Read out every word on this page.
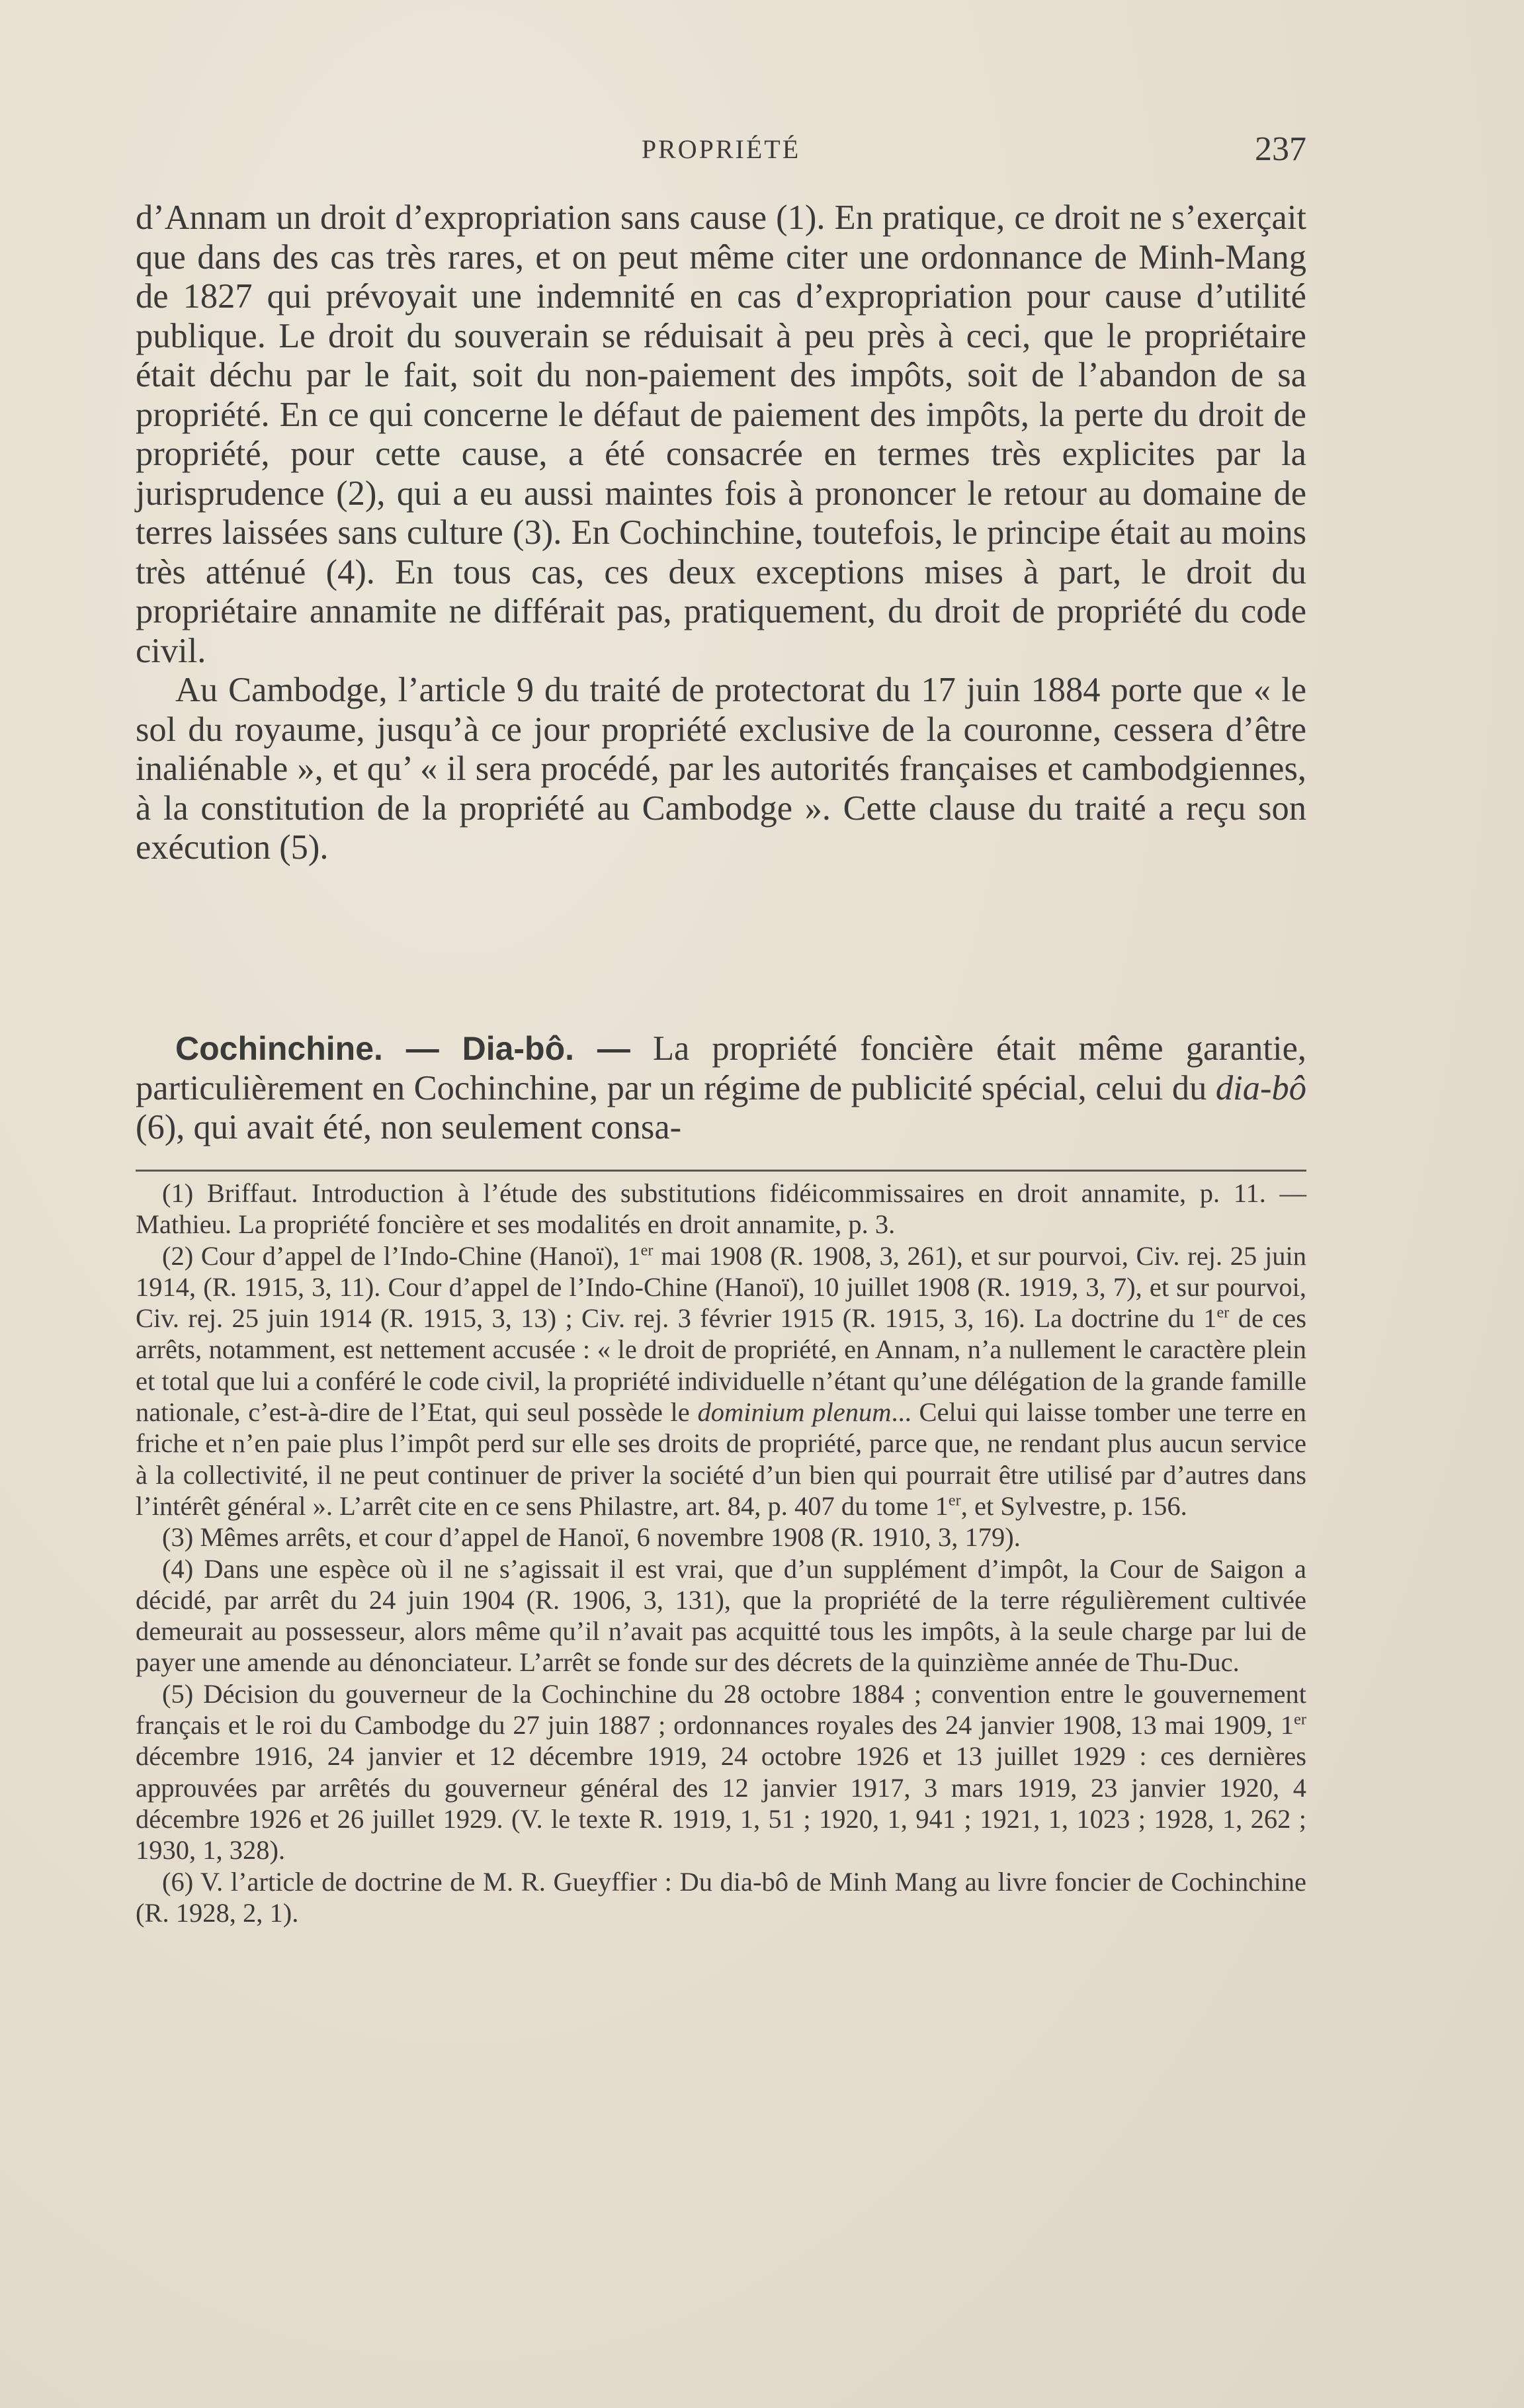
PROPRIÉTÉ	237

d’Annam un droit d’expropriation sans cause (1). En pratique, ce droit ne s’exerçait que dans des cas très rares, et on peut même citer une ordonnance de Minh-Mang de 1827 qui prévoyait une indemnité en cas d’expropriation pour cause d’utilité publique. Le droit du souverain se réduisait à peu près à ceci, que le propriétaire était déchu par le fait, soit du non-paiement des impôts, soit de l’abandon de sa propriété. En ce qui concerne le défaut de paiement des impôts, la perte du droit de propriété, pour cette cause, a été consacrée en termes très explicites par la jurisprudence (2), qui a eu aussi maintes fois à prononcer le retour au domaine de terres laissées sans culture (3). En Cochinchine, toutefois, le principe était au moins très atténué (4). En tous cas, ces deux exceptions mises à part, le droit du propriétaire annamite ne différait pas, pratiquement, du droit de propriété du code civil.

Au Cambodge, l’article 9 du traité de protectorat du 17 juin 1884 porte que « le sol du royaume, jusqu’à ce jour propriété exclusive de la couronne, cessera d’être inaliénable », et qu’ « il sera procédé, par les autorités françaises et cambodgiennes, à la constitution de la propriété au Cambodge ». Cette clause du traité a reçu son exécution (5).

Cochinchine. — Dia-bô. — La propriété foncière était même garantie, particulièrement en Cochinchine, par un régime de publicité spécial, celui du dia-bô (6), qui avait été, non seulement consa-

(1) Briffaut. Introduction à l’étude des substitutions fidéicommissaires en droit annamite, p. 11. — Mathieu. La propriété foncière et ses modalités en droit annamite, p. 3.

(2) Cour d’appel de l’Indo-Chine (Hanoï), 1er mai 1908 (R. 1908, 3, 261), et sur pourvoi, Civ. rej. 25 juin 1914, (R. 1915, 3, 11). Cour d’appel de l’Indo-Chine (Hanoï), 10 juillet 1908 (R. 1919, 3, 7), et sur pourvoi, Civ. rej. 25 juin 1914 (R. 1915, 3, 13) ; Civ. rej. 3 février 1915 (R. 1915, 3, 16). La doctrine du 1er de ces arrêts, notamment, est nettement accusée : « le droit de propriété, en Annam, n’a nullement le caractère plein et total que lui a conféré le code civil, la propriété individuelle n’étant qu’une délégation de la grande famille nationale, c’est-à-dire de l’Etat, qui seul possède le dominium plenum... Celui qui laisse tomber une terre en friche et n’en paie plus l’impôt perd sur elle ses droits de propriété, parce que, ne rendant plus aucun service à la collectivité, il ne peut continuer de priver la société d’un bien qui pourrait être utilisé par d’autres dans l’intérêt général ». L’arrêt cite en ce sens Philastre, art. 84, p. 407 du tome 1er, et Sylvestre, p. 156.

(3) Mêmes arrêts, et cour d’appel de Hanoï, 6 novembre 1908 (R. 1910, 3, 179).

(4) Dans une espèce où il ne s’agissait il est vrai, que d’un supplément d’impôt, la Cour de Saigon a décidé, par arrêt du 24 juin 1904 (R. 1906, 3, 131), que la propriété de la terre régulièrement cultivée demeurait au possesseur, alors même qu’il n’avait pas acquitté tous les impôts, à la seule charge par lui de payer une amende au dénonciateur. L’arrêt se fonde sur des décrets de la quinzième année de Thu-Duc.

(5) Décision du gouverneur de la Cochinchine du 28 octobre 1884 ; convention entre le gouvernement français et le roi du Cambodge du 27 juin 1887 ; ordonnances royales des 24 janvier 1908, 13 mai 1909, 1er décembre 1916, 24 janvier et 12 décembre 1919, 24 octobre 1926 et 13 juillet 1929 : ces dernières approuvées par arrêtés du gouverneur général des 12 janvier 1917, 3 mars 1919, 23 janvier 1920, 4 décembre 1926 et 26 juillet 1929. (V. le texte R. 1919, 1, 51 ; 1920, 1, 941 ; 1921, 1, 1023 ; 1928, 1, 262 ; 1930, 1, 328).

(6) V. l’article de doctrine de M. R. Gueyffier : Du dia-bô de Minh Mang au livre foncier de Cochinchine (R. 1928, 2, 1).
